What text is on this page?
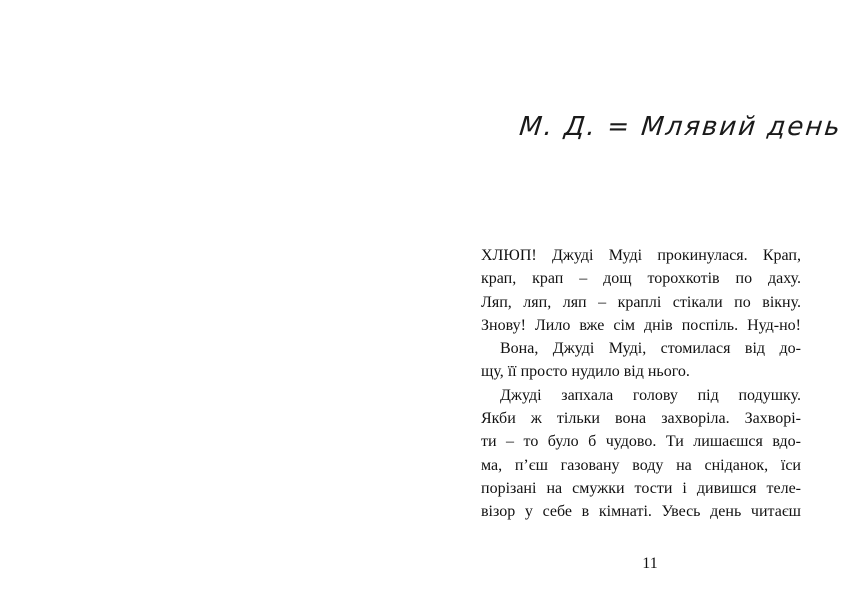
М. Д. = Млявий день
ХЛЮП! Джуді Муді прокинулася. Крап,
крап, крап – дощ торохкотів по даху.
Ляп, ляп, ляп – краплі стікали по вікну.
Знову! Лило вже сім днів поспіль. Нуд-но!
Вона, Джуді Муді, стомилася від до-
щу, її просто нудило від нього.
Джуді запхала голову під подушку.
Якби ж тільки вона захворіла. Захворі-
ти – то було б чудово. Ти лишаєшся вдо-
ма, п’єш газовану воду на сніданок, їси
порізані на смужки тости і дивишся теле-
візор у себе в кімнаті. Увесь день читаєш
11
